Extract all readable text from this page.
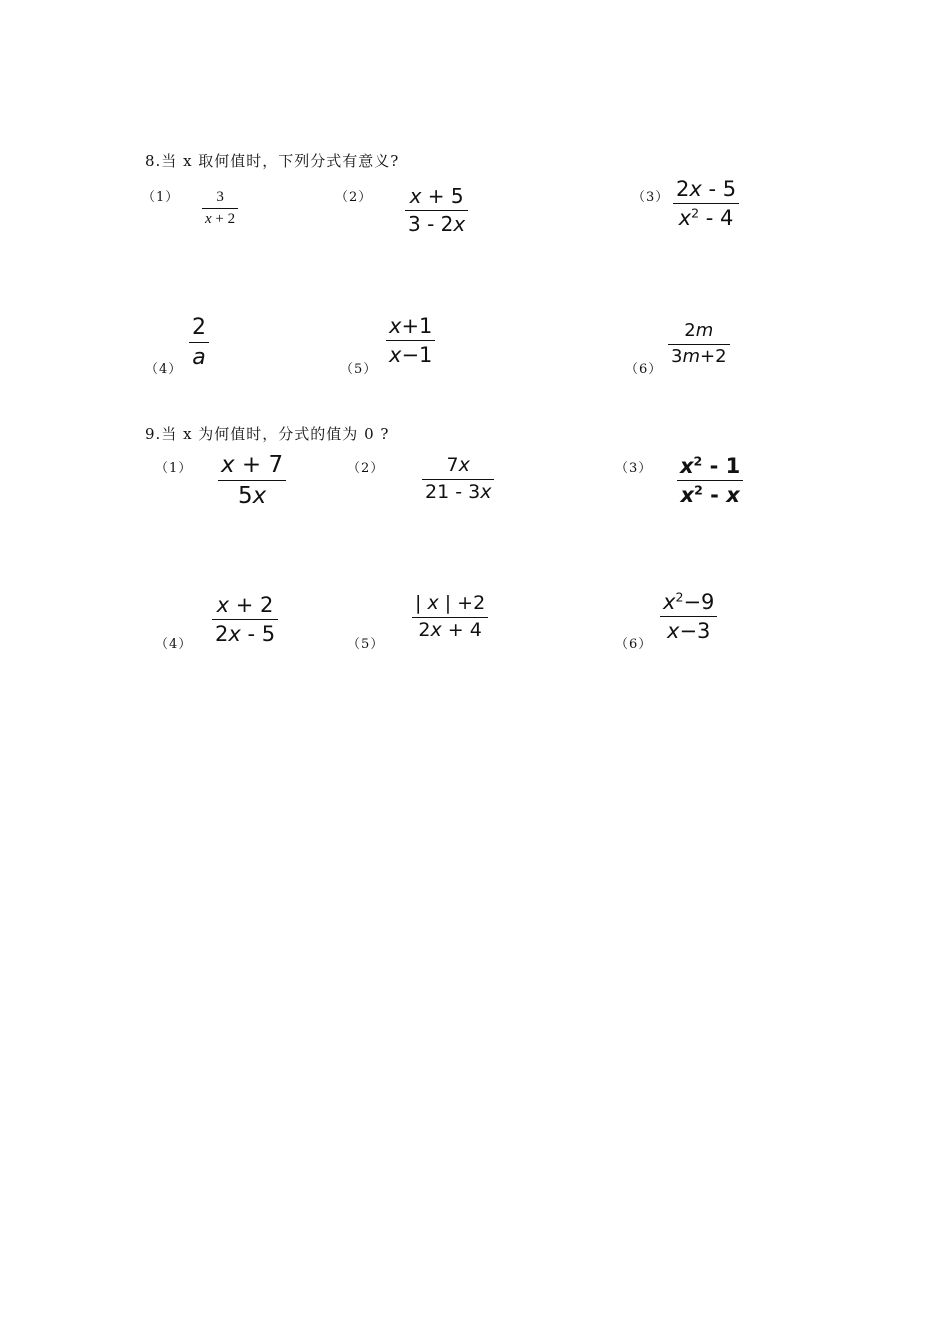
8.当 x 取何值时，下列分式有意义?
（1） 3
x + 2
（2） x + 5
3 - 2x
（3） 2x - 5
$x^2 - 4$
（4）
2
a	（5）
x+1
x−1
（6）
2m
3m+2
9.当 x 为何值时，分式的值为 0 ?
（1） x + 7
5x
（2）	7x
21 - 3x
（3） $x^2 - 1$
$x^2$ - x
（4）
x + 2
2x - 5	（5）
| x | +2
2x + 4
（6）
$x^2-9$
x−3
